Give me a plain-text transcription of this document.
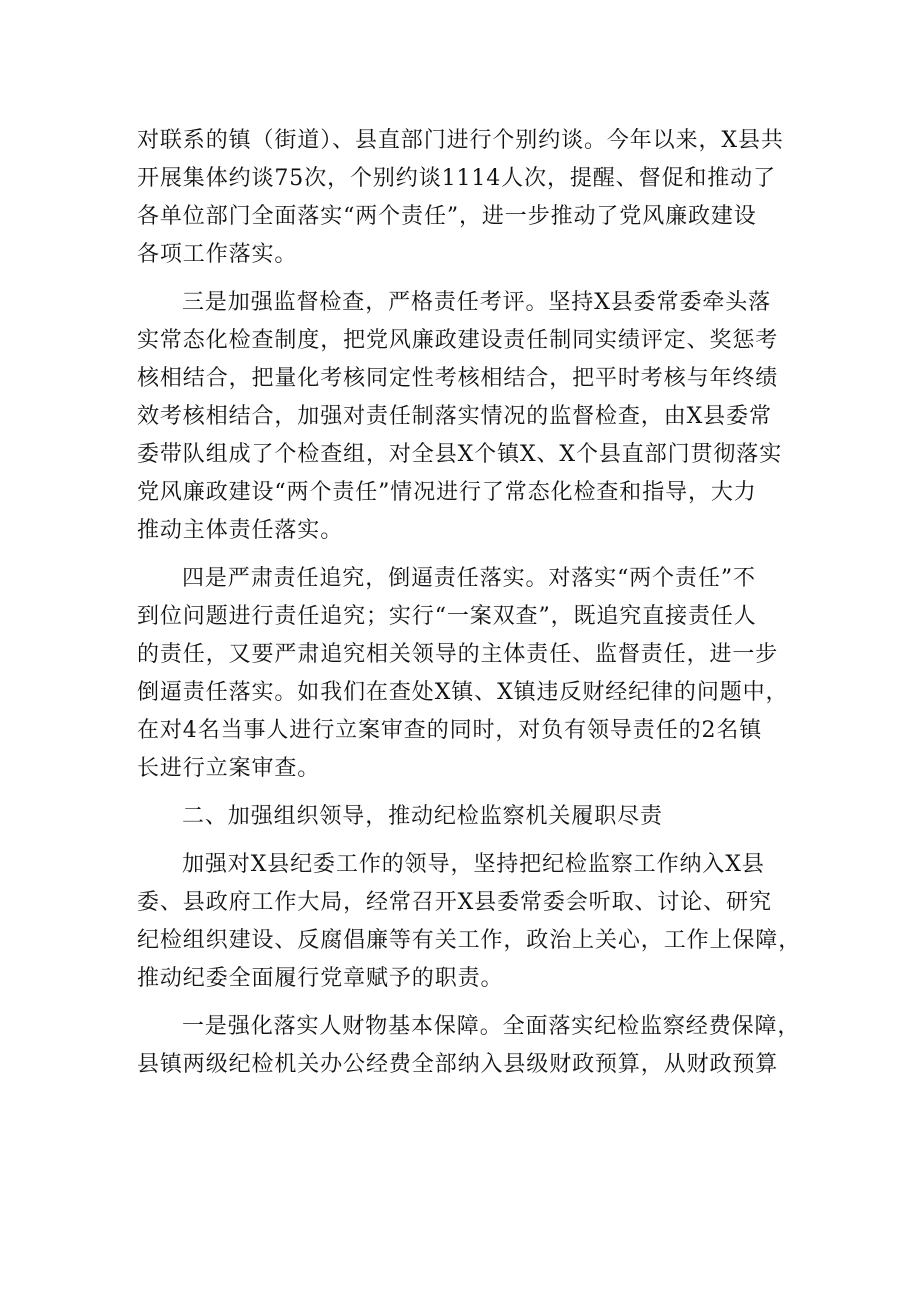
对联系的镇（街道）、县直部门进行个别约谈。今年以来，X县共
开展集体约谈75次，个别约谈1114人次，提醒、督促和推动了
各单位部门全面落实“两个责任”，进一步推动了党风廉政建设
各项工作落实。
三是加强监督检查，严格责任考评。坚持X县委常委牵头落
实常态化检查制度，把党风廉政建设责任制同实绩评定、奖惩考
核相结合，把量化考核同定性考核相结合，把平时考核与年终绩
效考核相结合，加强对责任制落实情况的监督检查，由X县委常
委带队组成了个检查组，对全县X个镇X、X个县直部门贯彻落实
党风廉政建设“两个责任”情况进行了常态化检查和指导，大力
推动主体责任落实。
四是严肃责任追究，倒逼责任落实。对落实“两个责任”不
到位问题进行责任追究；实行“一案双查”，既追究直接责任人
的责任，又要严肃追究相关领导的主体责任、监督责任，进一步
倒逼责任落实。如我们在查处X镇、X镇违反财经纪律的问题中，
在对4名当事人进行立案审查的同时，对负有领导责任的2名镇
长进行立案审查。
二、加强组织领导，推动纪检监察机关履职尽责
加强对X县纪委工作的领导，坚持把纪检监察工作纳入X县
委、县政府工作大局，经常召开X县委常委会听取、讨论、研究
纪检组织建设、反腐倡廉等有关工作，政治上关心，工作上保障，
推动纪委全面履行党章赋予的职责。
一是强化落实人财物基本保障。全面落实纪检监察经费保障，
县镇两级纪检机关办公经费全部纳入县级财政预算，从财政预算
